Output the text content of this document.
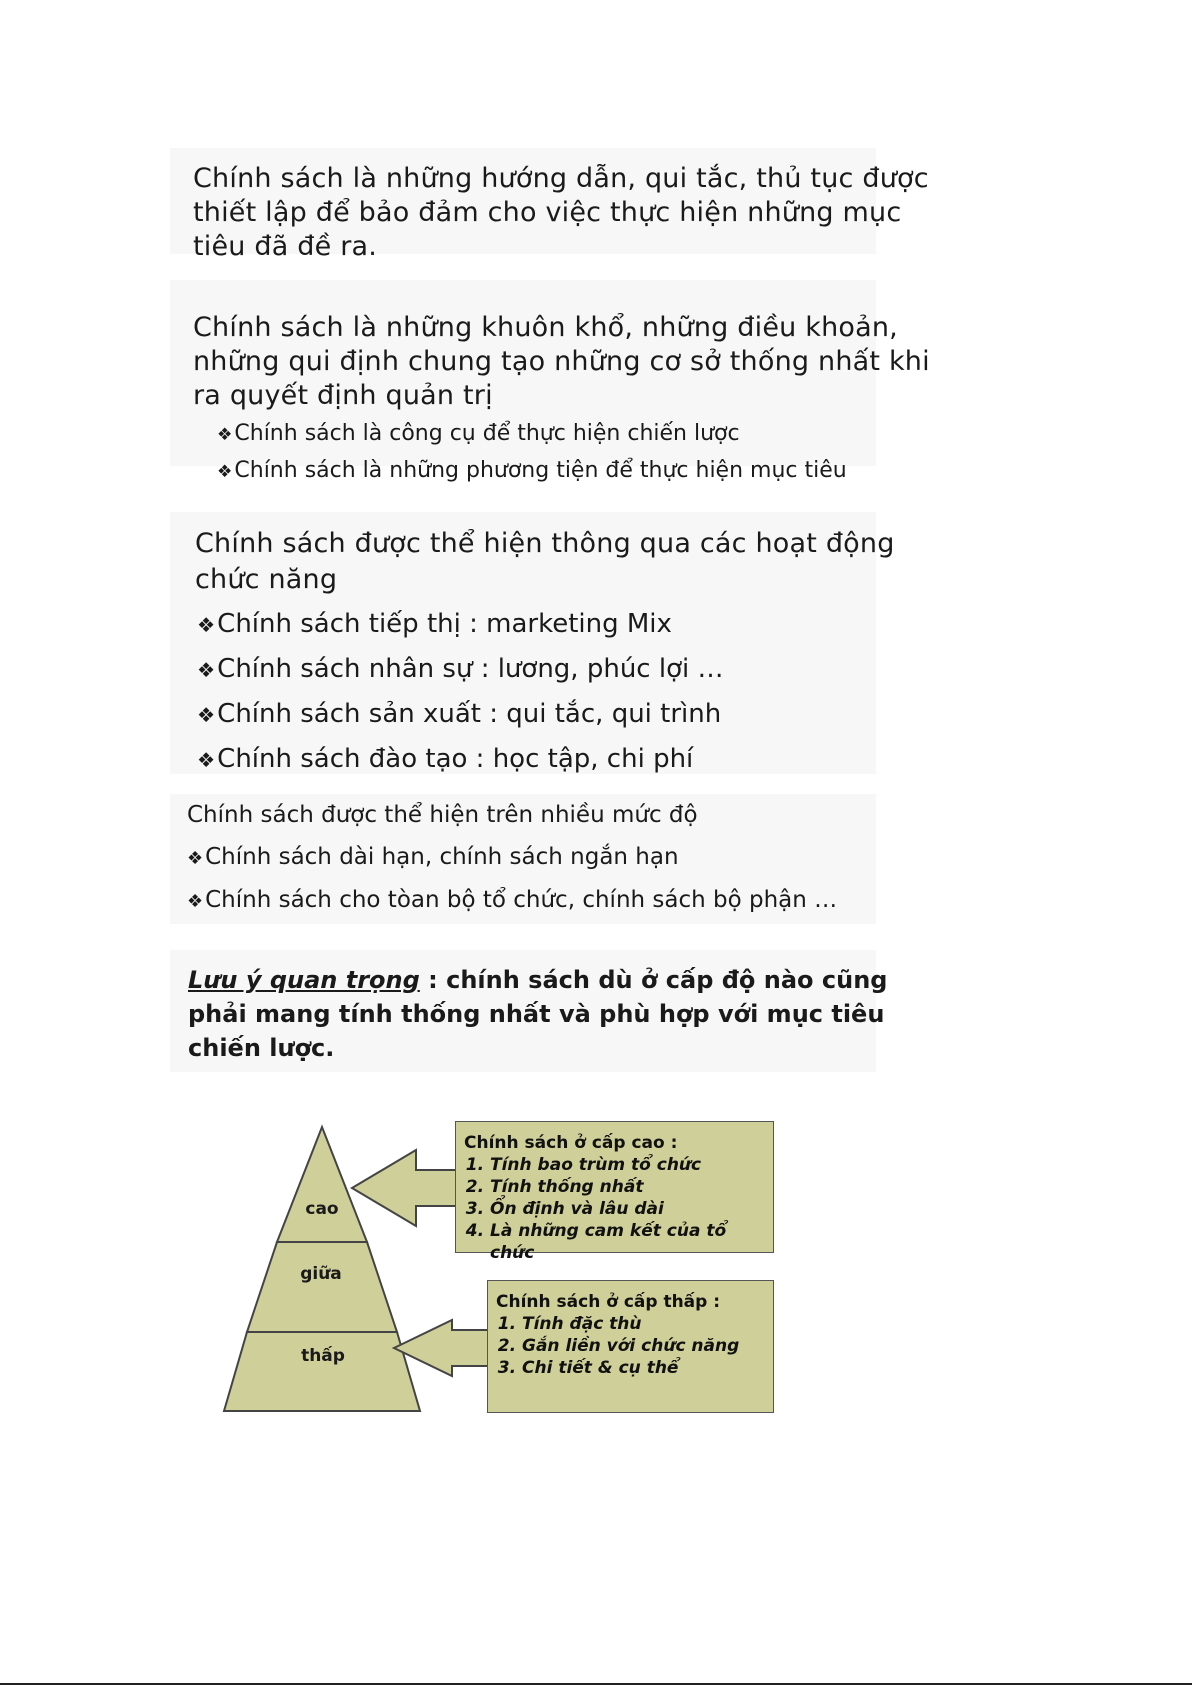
Chính sách là những hướng dẫn, qui tắc, thủ tục được
thiết lập để bảo đảm cho việc thực hiện những mục
tiêu đã đề ra.
Chính sách là những khuôn khổ, những điều khoản,
những qui định chung tạo những cơ sở thống nhất khi
ra quyết định quản trị
❖ Chính sách là công cụ để thực hiện chiến lược
❖ Chính sách là những phương tiện để thực hiện mục tiêu
Chính sách được thể hiện thông qua các hoạt động
chức năng
❖ Chính sách tiếp thị : marketing Mix
❖ Chính sách nhân sự : lương, phúc lợi …
❖ Chính sách sản xuất : qui tắc, qui trình
❖ Chính sách đào tạo : học tập, chi phí
Chính sách được thể hiện trên nhiều mức độ
❖ Chính sách dài hạn, chính sách ngắn hạn
❖ Chính sách cho tòan bộ tổ chức, chính sách bộ phận …
Lưu ý quan trọng : chính sách dù ở cấp độ nào cũng
phải mang tính thống nhất và phù hợp với mục tiêu
chiến lược.
cao
giữa
thấp
Chính sách ở cấp cao :
1. Tính bao trùm tổ chức
2. Tính thống nhất
3. Ổn định và lâu dài
4. Là những cam kết của tổ chức
Chính sách ở cấp thấp :
1. Tính đặc thù
2. Gắn liền với chức năng
3. Chi tiết & cụ thể
